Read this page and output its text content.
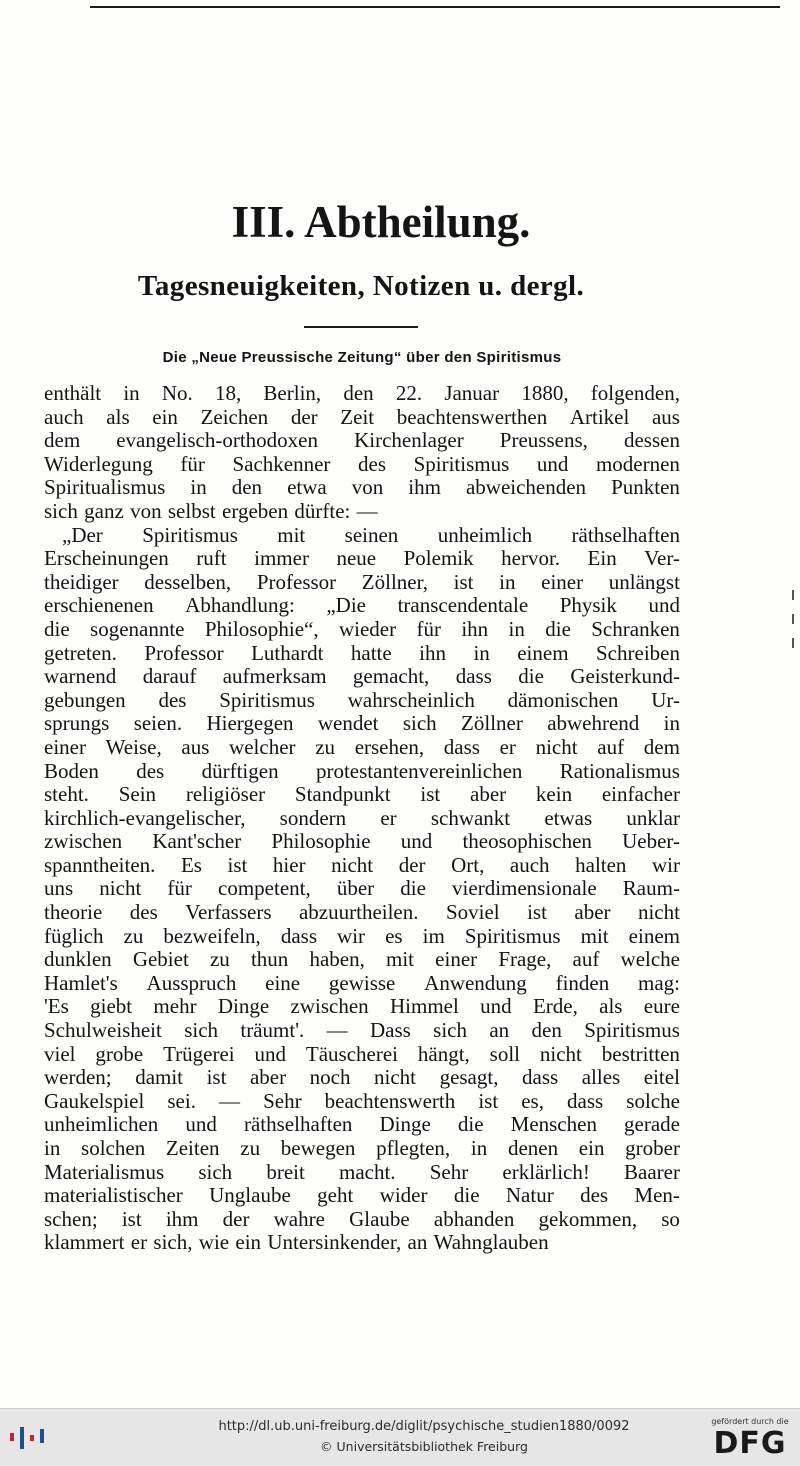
III. Abtheilung.
Tagesneuigkeiten, Notizen u. dergl.
Die „Neue Preussische Zeitung“ über den Spiritismus
enthält in No. 18, Berlin, den 22. Januar 1880, folgenden,
auch als ein Zeichen der Zeit beachtenswerthen Artikel aus
dem evangelisch-orthodoxen Kirchenlager Preussens, dessen
Widerlegung für Sachkenner des Spiritismus und modernen
Spiritualismus in den etwa von ihm abweichenden Punkten
sich ganz von selbst ergeben dürfte: —
„Der Spiritismus mit seinen unheimlich räthselhaften
Erscheinungen ruft immer neue Polemik hervor. Ein Ver-
theidiger desselben, Professor Zöllner, ist in einer unlängst
erschienenen Abhandlung: „Die transcendentale Physik und
die sogenannte Philosophie“, wieder für ihn in die Schranken
getreten. Professor Luthardt hatte ihn in einem Schreiben
warnend darauf aufmerksam gemacht, dass die Geisterkund-
gebungen des Spiritismus wahrscheinlich dämonischen Ur-
sprungs seien. Hiergegen wendet sich Zöllner abwehrend in
einer Weise, aus welcher zu ersehen, dass er nicht auf dem
Boden des dürftigen protestantenvereinlichen Rationalismus
steht. Sein religiöser Standpunkt ist aber kein einfacher
kirchlich-evangelischer, sondern er schwankt etwas unklar
zwischen Kant'scher Philosophie und theosophischen Ueber-
spanntheiten. Es ist hier nicht der Ort, auch halten wir
uns nicht für competent, über die vierdimensionale Raum-
theorie des Verfassers abzuurtheilen. Soviel ist aber nicht
füglich zu bezweifeln, dass wir es im Spiritismus mit einem
dunklen Gebiet zu thun haben, mit einer Frage, auf welche
Hamlet's Ausspruch eine gewisse Anwendung finden mag:
'Es giebt mehr Dinge zwischen Himmel und Erde, als eure
Schulweisheit sich träumt'. — Dass sich an den Spiritismus
viel grobe Trügerei und Täuscherei hängt, soll nicht bestritten
werden; damit ist aber noch nicht gesagt, dass alles eitel
Gaukelspiel sei. — Sehr beachtenswerth ist es, dass solche
unheimlichen und räthselhaften Dinge die Menschen gerade
in solchen Zeiten zu bewegen pflegten, in denen ein grober
Materialismus sich breit macht. Sehr erklärlich! Baarer
materialistischer Unglaube geht wider die Natur des Men-
schen; ist ihm der wahre Glaube abhanden gekommen, so
klammert er sich, wie ein Untersinkender, an Wahnglauben
http://dl.ub.uni-freiburg.de/diglit/psychische_studien1880/0092
© Universitätsbibliothek Freiburg
gefördert durch die
DFG
